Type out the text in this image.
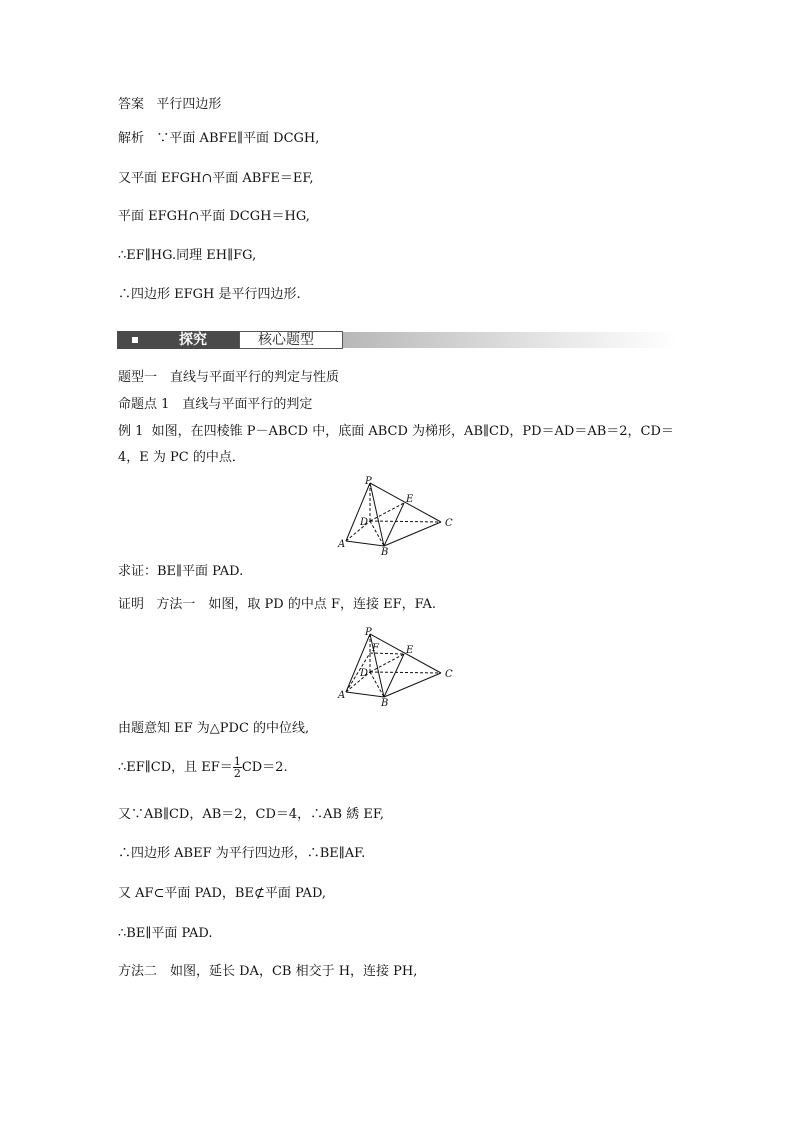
答案 平行四边形
解析 ∵平面 ABFE∥平面 DCGH,
又平面 EFGH∩平面 ABFE＝EF,
平面 EFGH∩平面 DCGH＝HG,
∴EF∥HG.同理 EH∥FG,
∴四边形 EFGH 是平行四边形.
探究	核心题型
题型一　直线与平面平行的判定与性质
命题点 1　直线与平面平行的判定
例 1 如图，在四棱锥 P－ABCD 中，底面 ABCD 为梯形，AB∥CD，PD＝AD＝AB＝2，CD＝
4，E 为 PC 的中点．
P
E
D	C
A
B
求证：BE∥平面 PAD.
证明 方法一　如图，取 PD 的中点 F，连接 EF，FA.
P
F	E
D	C
A
B
由题意知 EF 为△PDC 的中位线,
∴EF∥CD，且 $EF= \frac{1}{2} CD=2$.
又∵AB∥CD，AB＝2，CD＝4，∴AB 綉 EF,
∴四边形 ABEF 为平行四边形，∴BE∥AF.
又 AF⊂平面 PAD，BE⊄平面 PAD,
∴BE∥平面 PAD.
方法二　如图，延长 DA，CB 相交于 H，连接 PH,
